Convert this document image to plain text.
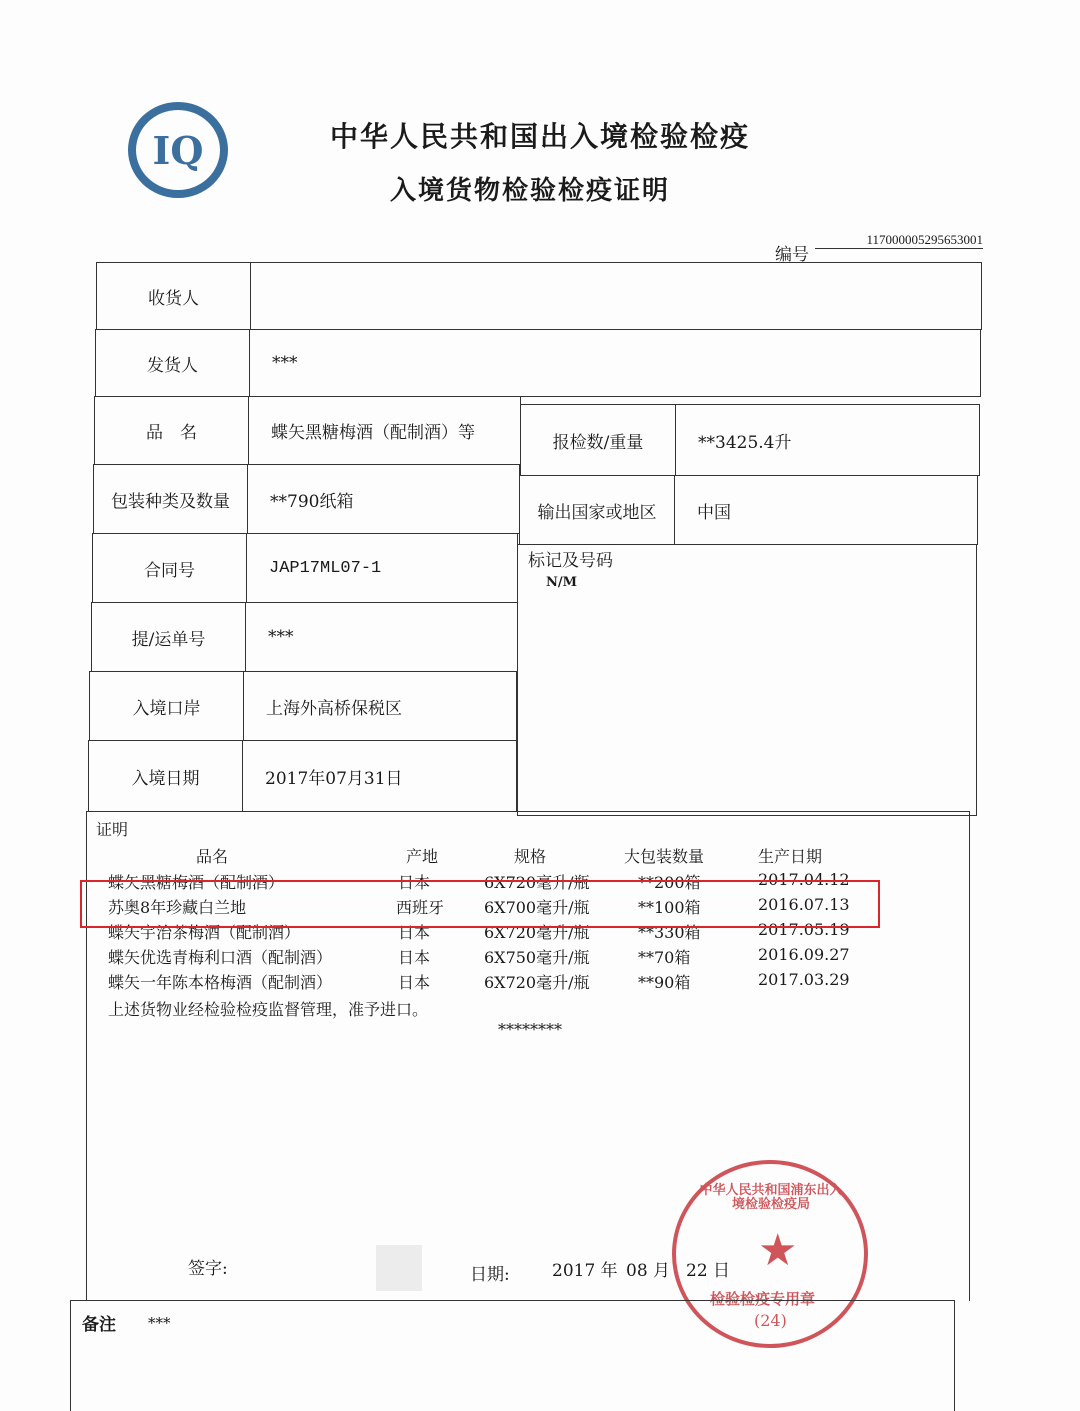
IQ	中华人民共和国出入境检验检疫
入境货物检验检疫证明
编号
117000005295653001
收货人
发货人	***
品　名	蝶矢黑糖梅酒（配制酒）等	报检数/重量	**3425.4升
包装种类及数量	**790纸箱
输出国家或地区	中国
合同号	JAP17ML07-1	标记及号码
N/M
提/运单号	***
入境口岸	上海外高桥保税区
入境日期	2017年07月31日
证明
品名	产地	规格	大包装数量	生产日期
蝶矢黑糖梅酒（配制酒）	日本	6X720毫升/瓶	**200箱	2017.04.12
苏奥8年珍藏白兰地	西班牙 6X700毫升/瓶	**100箱	2016.07.13
蝶矢宇治茶梅酒（配制酒）	日本	6X720毫升/瓶	**330箱	2017.05.19
蝶矢优选青梅利口酒（配制酒）	日本	6X750毫升/瓶	**70箱	2016.09.27
蝶矢一年陈本格梅酒（配制酒）	日本	6X720毫升/瓶	**90箱	2017.03.29
上述货物业经检验检疫监督管理，准予进口。
********
签字:	日期: 2017 年 08 月 22 日
中华人民共和国浦东出入境检验检疫局
★
检验检疫专用章
(24)
备注 ***
